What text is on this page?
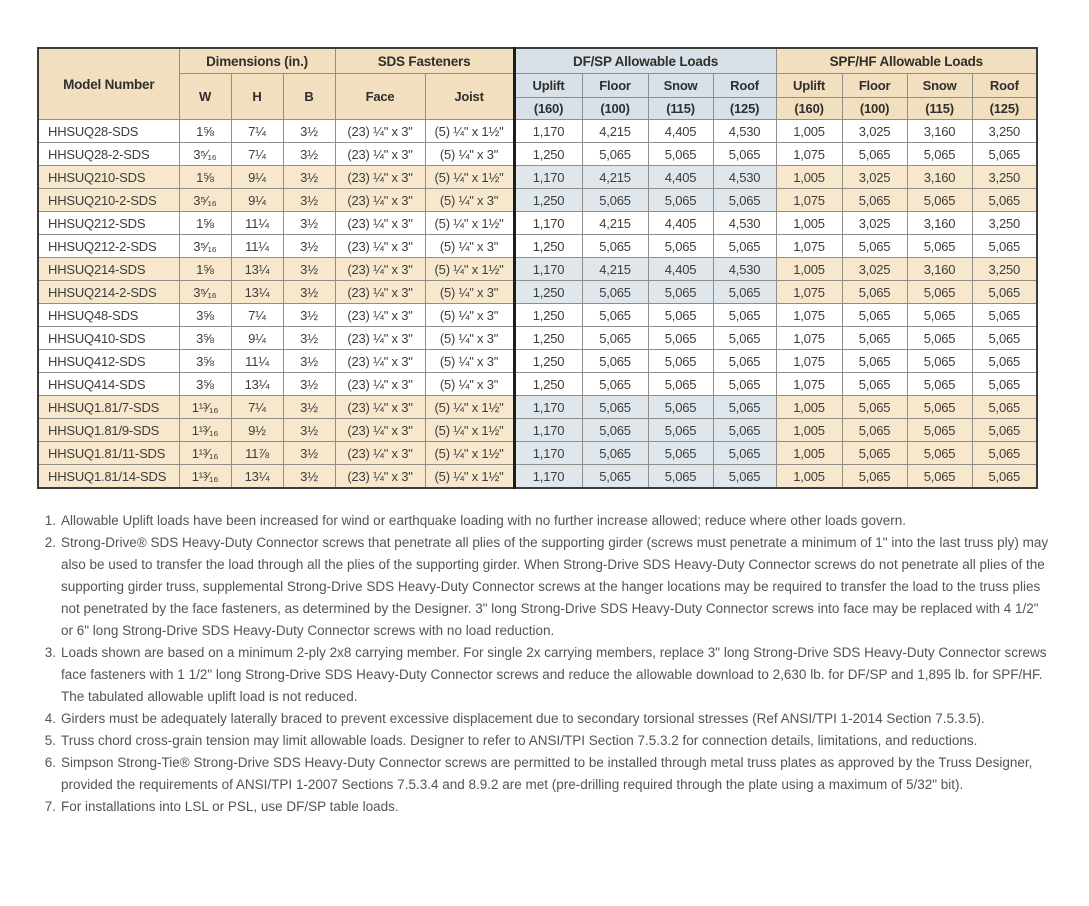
Model Number	Dimensions (in.)			SDS Fasteners		DF/SP Allowable Loads				SPF/HF Allowable Loads			
	W	H	B	Face	Joist	Uplift	Floor	Snow	Roof	Uplift	Floor	Snow	Roof
						(160)	(100)	(115)	(125)	(160)	(100)	(115)	(125)
HHSUQ28-SDS	1⅝	7¼	3½	(23) ¼" x 3"	(5) ¼" x 1½"	1,170	4,215	4,405	4,530	1,005	3,025	3,160	3,250
HHSUQ28-2-SDS	3⁵⁄₁₆	7¼	3½	(23) ¼" x 3"	(5) ¼" x 3"	1,250	5,065	5,065	5,065	1,075	5,065	5,065	5,065
HHSUQ210-SDS	1⅝	9¼	3½	(23) ¼" x 3"	(5) ¼" x 1½"	1,170	4,215	4,405	4,530	1,005	3,025	3,160	3,250
HHSUQ210-2-SDS	3⁵⁄₁₆	9¼	3½	(23) ¼" x 3"	(5) ¼" x 3"	1,250	5,065	5,065	5,065	1,075	5,065	5,065	5,065
HHSUQ212-SDS	1⅝	11¼	3½	(23) ¼" x 3"	(5) ¼" x 1½"	1,170	4,215	4,405	4,530	1,005	3,025	3,160	3,250
HHSUQ212-2-SDS	3⁵⁄₁₆	11¼	3½	(23) ¼" x 3"	(5) ¼" x 3"	1,250	5,065	5,065	5,065	1,075	5,065	5,065	5,065
HHSUQ214-SDS	1⅝	13¼	3½	(23) ¼" x 3"	(5) ¼" x 1½"	1,170	4,215	4,405	4,530	1,005	3,025	3,160	3,250
HHSUQ214-2-SDS	3⁵⁄₁₆	13¼	3½	(23) ¼" x 3"	(5) ¼" x 3"	1,250	5,065	5,065	5,065	1,075	5,065	5,065	5,065
HHSUQ48-SDS	3⅝	7¼	3½	(23) ¼" x 3"	(5) ¼" x 3"	1,250	5,065	5,065	5,065	1,075	5,065	5,065	5,065
HHSUQ410-SDS	3⅝	9¼	3½	(23) ¼" x 3"	(5) ¼" x 3"	1,250	5,065	5,065	5,065	1,075	5,065	5,065	5,065
HHSUQ412-SDS	3⅝	11¼	3½	(23) ¼" x 3"	(5) ¼" x 3"	1,250	5,065	5,065	5,065	1,075	5,065	5,065	5,065
HHSUQ414-SDS	3⅝	13¼	3½	(23) ¼" x 3"	(5) ¼" x 3"	1,250	5,065	5,065	5,065	1,075	5,065	5,065	5,065
HHSUQ1.81/7-SDS	1¹³⁄₁₆	7¼	3½	(23) ¼" x 3"	(5) ¼" x 1½"	1,170	5,065	5,065	5,065	1,005	5,065	5,065	5,065
HHSUQ1.81/9-SDS	1¹³⁄₁₆	9½	3½	(23) ¼" x 3"	(5) ¼" x 1½"	1,170	5,065	5,065	5,065	1,005	5,065	5,065	5,065
HHSUQ1.81/11-SDS	1¹³⁄₁₆	11⅞	3½	(23) ¼" x 3"	(5) ¼" x 1½"	1,170	5,065	5,065	5,065	1,005	5,065	5,065	5,065
HHSUQ1.81/14-SDS	1¹³⁄₁₆	13¼	3½	(23) ¼" x 3"	(5) ¼" x 1½"	1,170	5,065	5,065	5,065	1,005	5,065	5,065	5,065
1. Allowable Uplift loads have been increased for wind or earthquake loading with no further increase allowed; reduce where other loads govern.
2. Strong-Drive® SDS Heavy-Duty Connector screws that penetrate all plies of the supporting girder (screws must penetrate a minimum of 1" into the last truss ply) may also be used to transfer the load through all the plies of the supporting girder. When Strong-Drive SDS Heavy-Duty Connector screws do not penetrate all plies of the supporting girder truss, supplemental Strong-Drive SDS Heavy-Duty Connector screws at the hanger locations may be required to transfer the load to the truss plies not penetrated by the face fasteners, as determined by the Designer. 3" long Strong-Drive SDS Heavy-Duty Connector screws into face may be replaced with 4 1/2" or 6" long Strong-Drive SDS Heavy-Duty Connector screws with no load reduction.
3. Loads shown are based on a minimum 2-ply 2x8 carrying member. For single 2x carrying members, replace 3" long Strong-Drive SDS Heavy-Duty Connector screws face fasteners with 1 1/2" long Strong-Drive SDS Heavy-Duty Connector screws and reduce the allowable download to 2,630 lb. for DF/SP and 1,895 lb. for SPF/HF. The tabulated allowable uplift load is not reduced.
4. Girders must be adequately laterally braced to prevent excessive displacement due to secondary torsional stresses (Ref ANSI/TPI 1-2014 Section 7.5.3.5).
5. Truss chord cross-grain tension may limit allowable loads. Designer to refer to ANSI/TPI Section 7.5.3.2 for connection details, limitations, and reductions.
6. Simpson Strong-Tie® Strong-Drive SDS Heavy-Duty Connector screws are permitted to be installed through metal truss plates as approved by the Truss Designer, provided the requirements of ANSI/TPI 1-2007 Sections 7.5.3.4 and 8.9.2 are met (pre-drilling required through the plate using a maximum of 5/32" bit).
7. For installations into LSL or PSL, use DF/SP table loads.
